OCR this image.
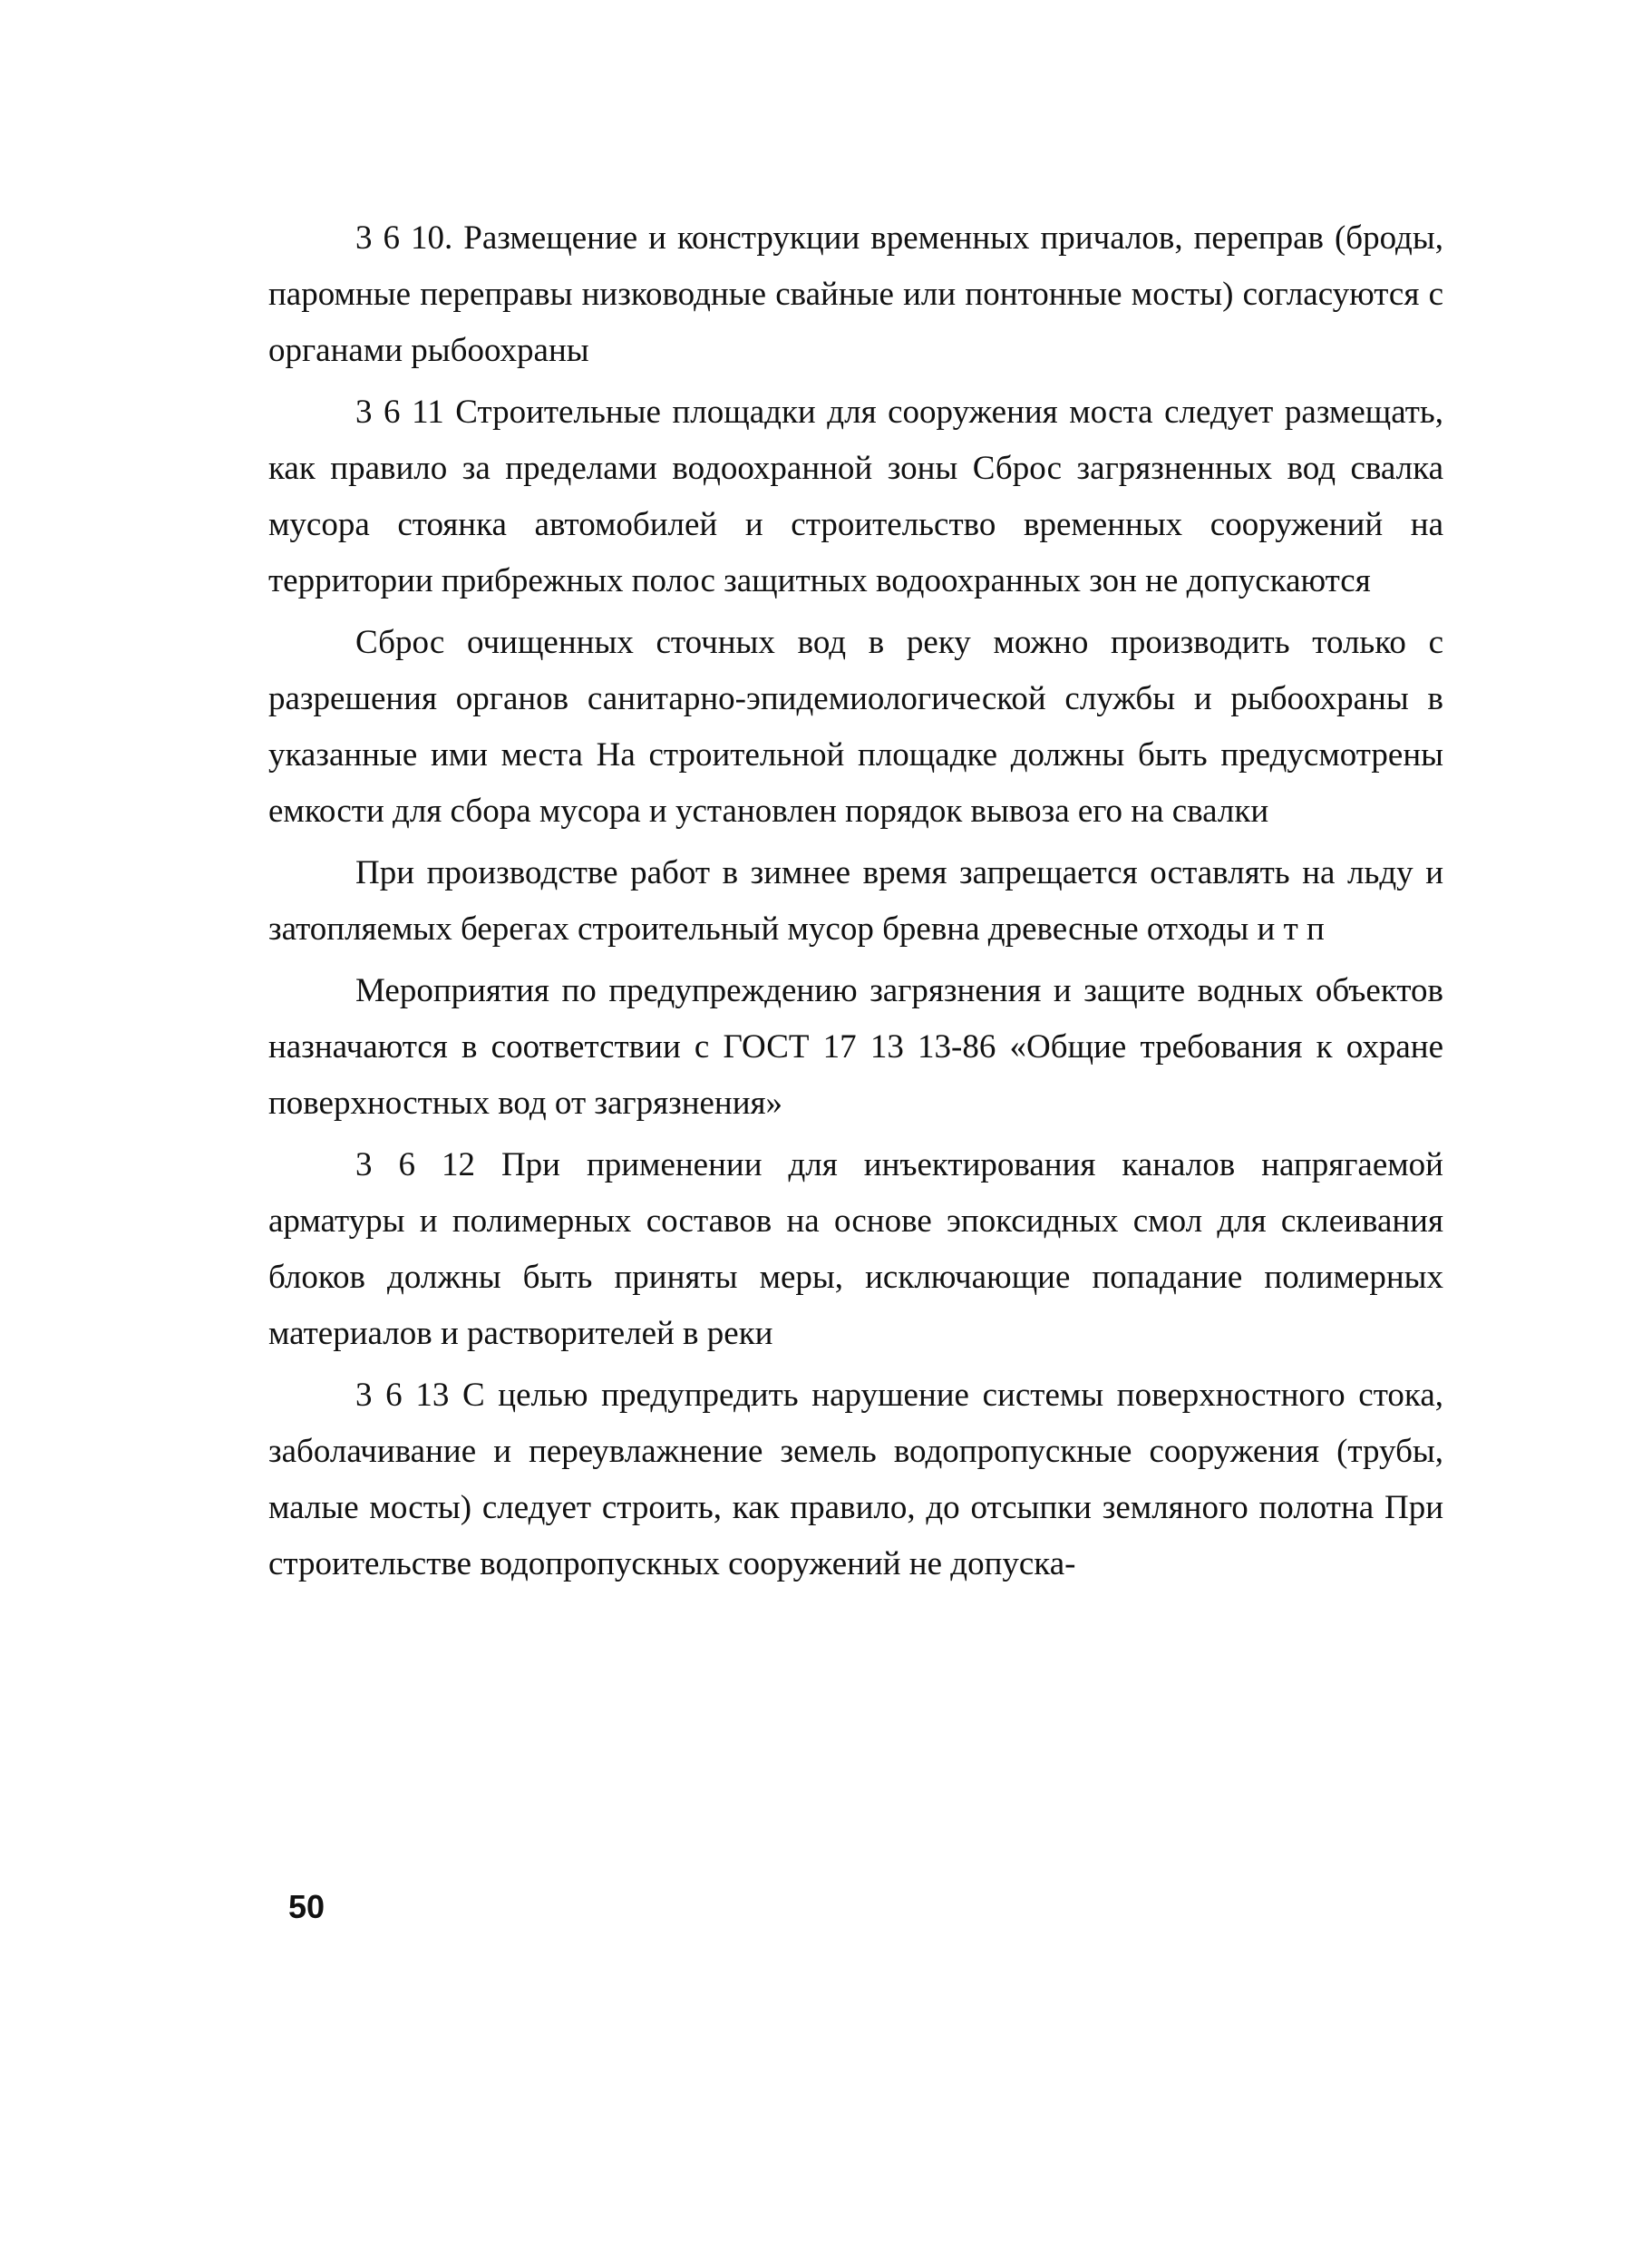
3 6 10. Размещение и конструкции временных причалов, переправ (броды, паромные переправы низководные свайные или понтонные мосты) согласуются с органами рыбоохраны

3 6 11 Строительные площадки для сооружения моста следует размещать, как правило за пределами водоохранной зоны Сброс загрязненных вод свалка мусора стоянка автомобилей и строительство временных сооружений на территории прибрежных полос защитных водоохранных зон не допускаются

Сброс очищенных сточных вод в реку можно производить только с разрешения органов санитарно-эпидемиологической службы и рыбоохраны в указанные ими места На строительной площадке должны быть предусмотрены емкости для сбора мусора и установлен порядок вывоза его на свалки

При производстве работ в зимнее время запрещается оставлять на льду и затопляемых берегах строительный мусор бревна древесные отходы и т п

Мероприятия по предупреждению загрязнения и защите водных объектов назначаются в соответствии с ГОСТ 17 13 13-86 «Общие требования к охране поверхностных вод от загрязнения»

3 6 12 При применении для инъектирования каналов напрягаемой арматуры и полимерных составов на основе эпоксидных смол для склеивания блоков должны быть приняты меры, исключающие попадание полимерных материалов и растворителей в реки

3 6 13 С целью предупредить нарушение системы поверхностного стока, заболачивание и переувлажнение земель водопропускные сооружения (трубы, малые мосты) следует строить, как правило, до отсыпки земляного полотна При строительстве водопропускных сооружений не допуска-

50
